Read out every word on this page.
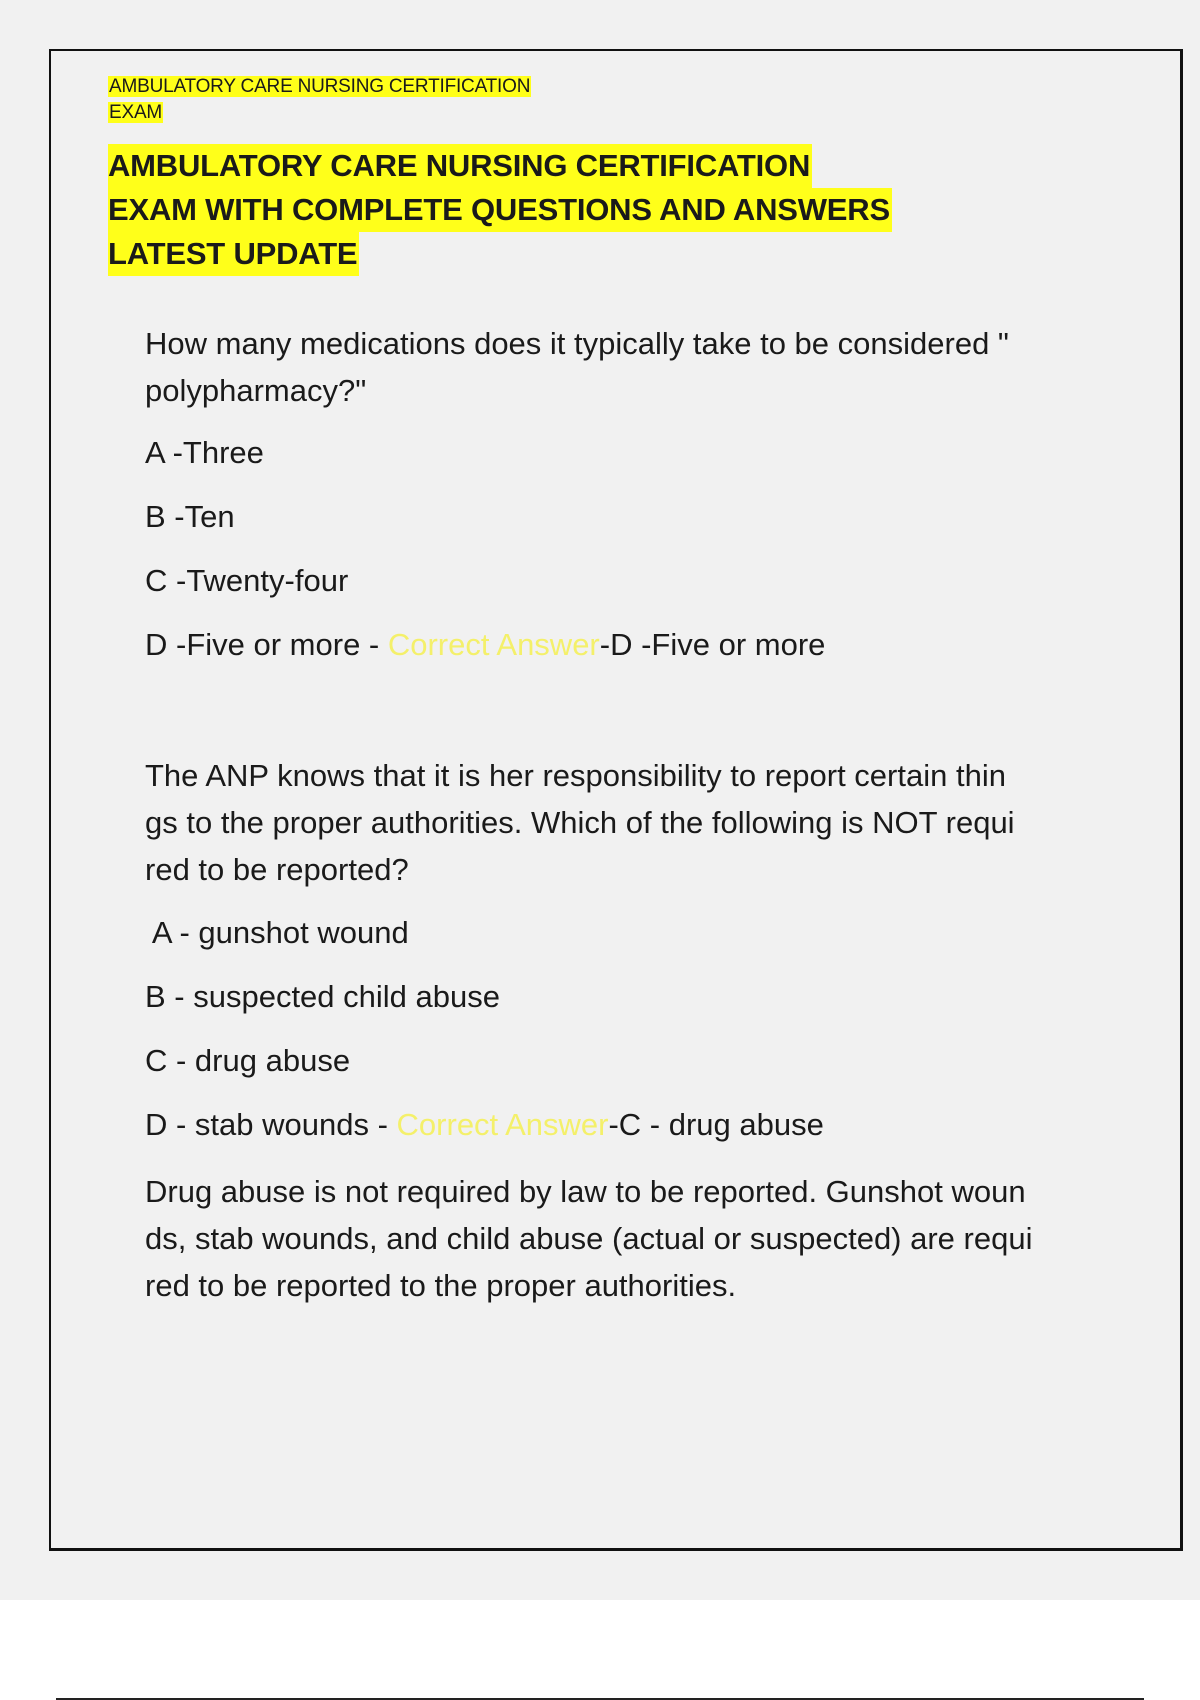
AMBULATORY CARE NURSING CERTIFICATION
EXAM
AMBULATORY CARE NURSING CERTIFICATION
EXAM WITH COMPLETE QUESTIONS AND ANSWERS
LATEST UPDATE
How many medications does it typically take to be considered "
polypharmacy?"
A -Three
B -Ten
C -Twenty-four
D -Five or more - Correct Answer-D -Five or more
The ANP knows that it is her responsibility to report certain thin
gs to the proper authorities. Which of the following is NOT requi
red to be reported?
A - gunshot wound
B - suspected child abuse
C - drug abuse
D - stab wounds - Correct Answer-C - drug abuse
Drug abuse is not required by law to be reported. Gunshot woun
ds, stab wounds, and child abuse (actual or suspected) are requi
red to be reported to the proper authorities.
